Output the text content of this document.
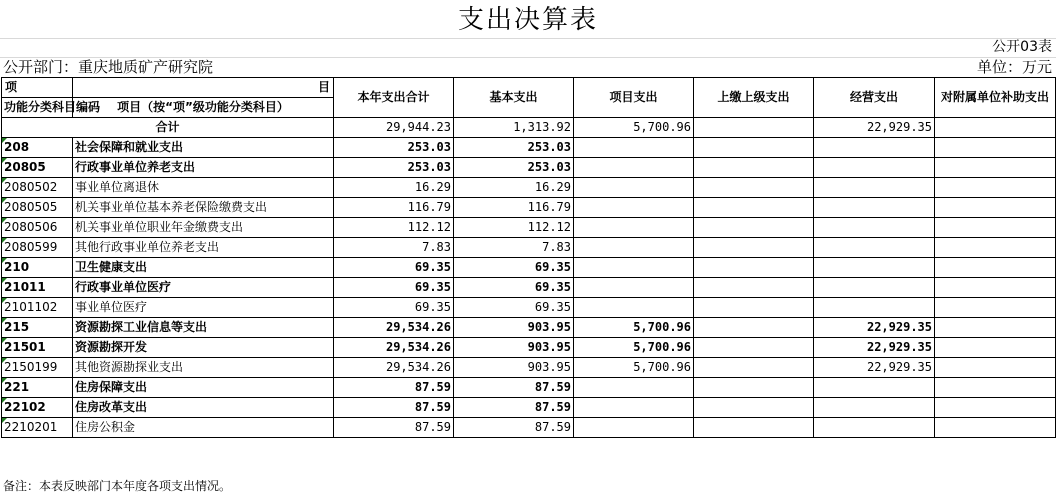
支出决算表
公开03表
公开部门：重庆地质矿产研究院	单位：万元
项	目	本年支出合计	基本支出	项目支出	上缴上级支出	经营支出	对附属单位补助支出
功能分类科目编码	项目（按“项”级功能分类科目）						
合计		29,944.23	1,313.92	5,700.96		22,929.35	
208	社会保障和就业支出	253.03	253.03				
20805	行政事业单位养老支出	253.03	253.03				
2080502	事业单位离退休	16.29	16.29				
2080505	机关事业单位基本养老保险缴费支出	116.79	116.79				
2080506	机关事业单位职业年金缴费支出	112.12	112.12				
2080599	其他行政事业单位养老支出	7.83	7.83				
210	卫生健康支出	69.35	69.35				
21011	行政事业单位医疗	69.35	69.35				
2101102	事业单位医疗	69.35	69.35				
215	资源勘探工业信息等支出	29,534.26	903.95	5,700.96		22,929.35	
21501	资源勘探开发	29,534.26	903.95	5,700.96		22,929.35	
2150199	其他资源勘探业支出	29,534.26	903.95	5,700.96		22,929.35	
221	住房保障支出	87.59	87.59				
22102	住房改革支出	87.59	87.59				
2210201	住房公积金	87.59	87.59				
备注：本表反映部门本年度各项支出情况。
